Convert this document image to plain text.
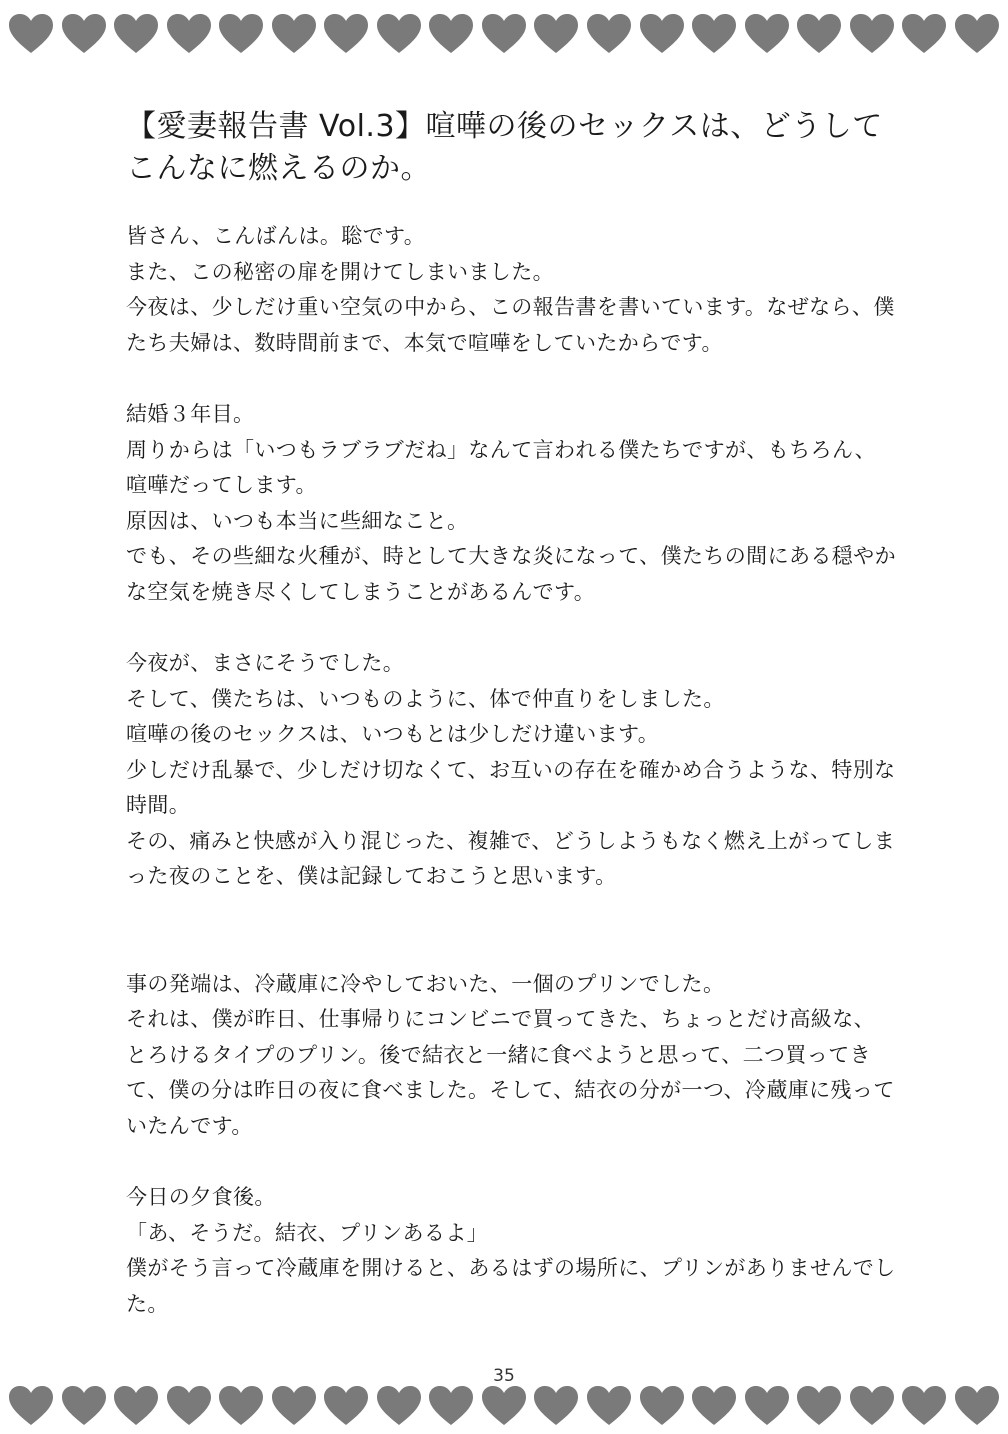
【愛妻報告書 Vol.3】喧嘩の後のセックスは、どうしてこんなに燃えるのか。

皆さん、こんばんは。聡です。

また、この秘密の扉を開けてしまいました。

今夜は、少しだけ重い空気の中から、この報告書を書いています。なぜなら、僕たち夫婦は、数時間前まで、本気で喧嘩をしていたからです。

結婚３年目。

周りからは「いつもラブラブだね」なんて言われる僕たちですが、もちろん、喧嘩だってします。

原因は、いつも本当に些細なこと。

でも、その些細な火種が、時として大きな炎になって、僕たちの間にある穏やかな空気を焼き尽くしてしまうことがあるんです。

今夜が、まさにそうでした。

そして、僕たちは、いつものように、体で仲直りをしました。

喧嘩の後のセックスは、いつもとは少しだけ違います。

少しだけ乱暴で、少しだけ切なくて、お互いの存在を確かめ合うような、特別な時間。

その、痛みと快感が入り混じった、複雑で、どうしようもなく燃え上がってしまった夜のことを、僕は記録しておこうと思います。

事の発端は、冷蔵庫に冷やしておいた、一個のプリンでした。

それは、僕が昨日、仕事帰りにコンビニで買ってきた、ちょっとだけ高級な、とろけるタイプのプリン。後で結衣と一緒に食べようと思って、二つ買ってきて、僕の分は昨日の夜に食べました。そして、結衣の分が一つ、冷蔵庫に残っていたんです。

今日の夕食後。

「あ、そうだ。結衣、プリンあるよ」

僕がそう言って冷蔵庫を開けると、あるはずの場所に、プリンがありませんでした。

35
